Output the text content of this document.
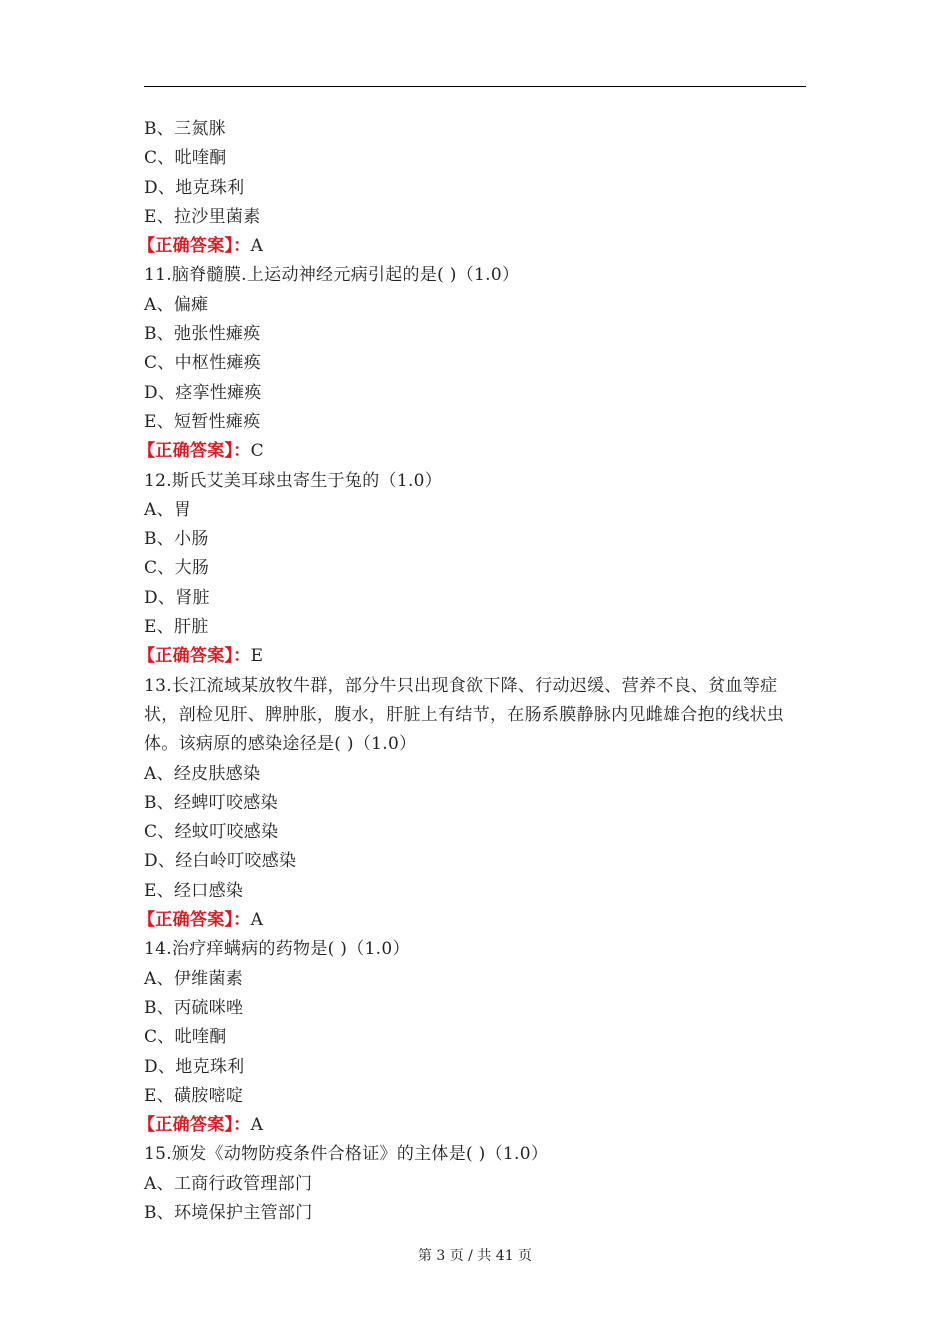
B、三氮脒
C、吡喹酮
D、地克珠利
E、拉沙里菌素
【正确答案】：A
11.脑脊髓膜.上运动神经元病引起的是( )（1.0）
A、偏瘫
B、弛张性瘫痪
C、中枢性瘫痪
D、痉挛性瘫痪
E、短暂性瘫痪
【正确答案】：C
12.斯氏艾美耳球虫寄生于兔的（1.0）
A、胃
B、小肠
C、大肠
D、肾脏
E、肝脏
【正确答案】：E
13.长江流域某放牧牛群，部分牛只出现食欲下降、行动迟缓、营养不良、贫血等症状，剖检见肝、脾肿胀，腹水，肝脏上有结节，在肠系膜静脉内见雌雄合抱的线状虫体。该病原的感染途径是( )（1.0）
A、经皮肤感染
B、经蜱叮咬感染
C、经蚊叮咬感染
D、经白岭叮咬感染
E、经口感染
【正确答案】：A
14.治疗痒螨病的药物是( )（1.0）
A、伊维菌素
B、丙硫咪唑
C、吡喹酮
D、地克珠利
E、磺胺嘧啶
【正确答案】：A
15.颁发《动物防疫条件合格证》的主体是( )（1.0）
A、工商行政管理部门
B、环境保护主管部门
第 3 页 / 共 41 页
